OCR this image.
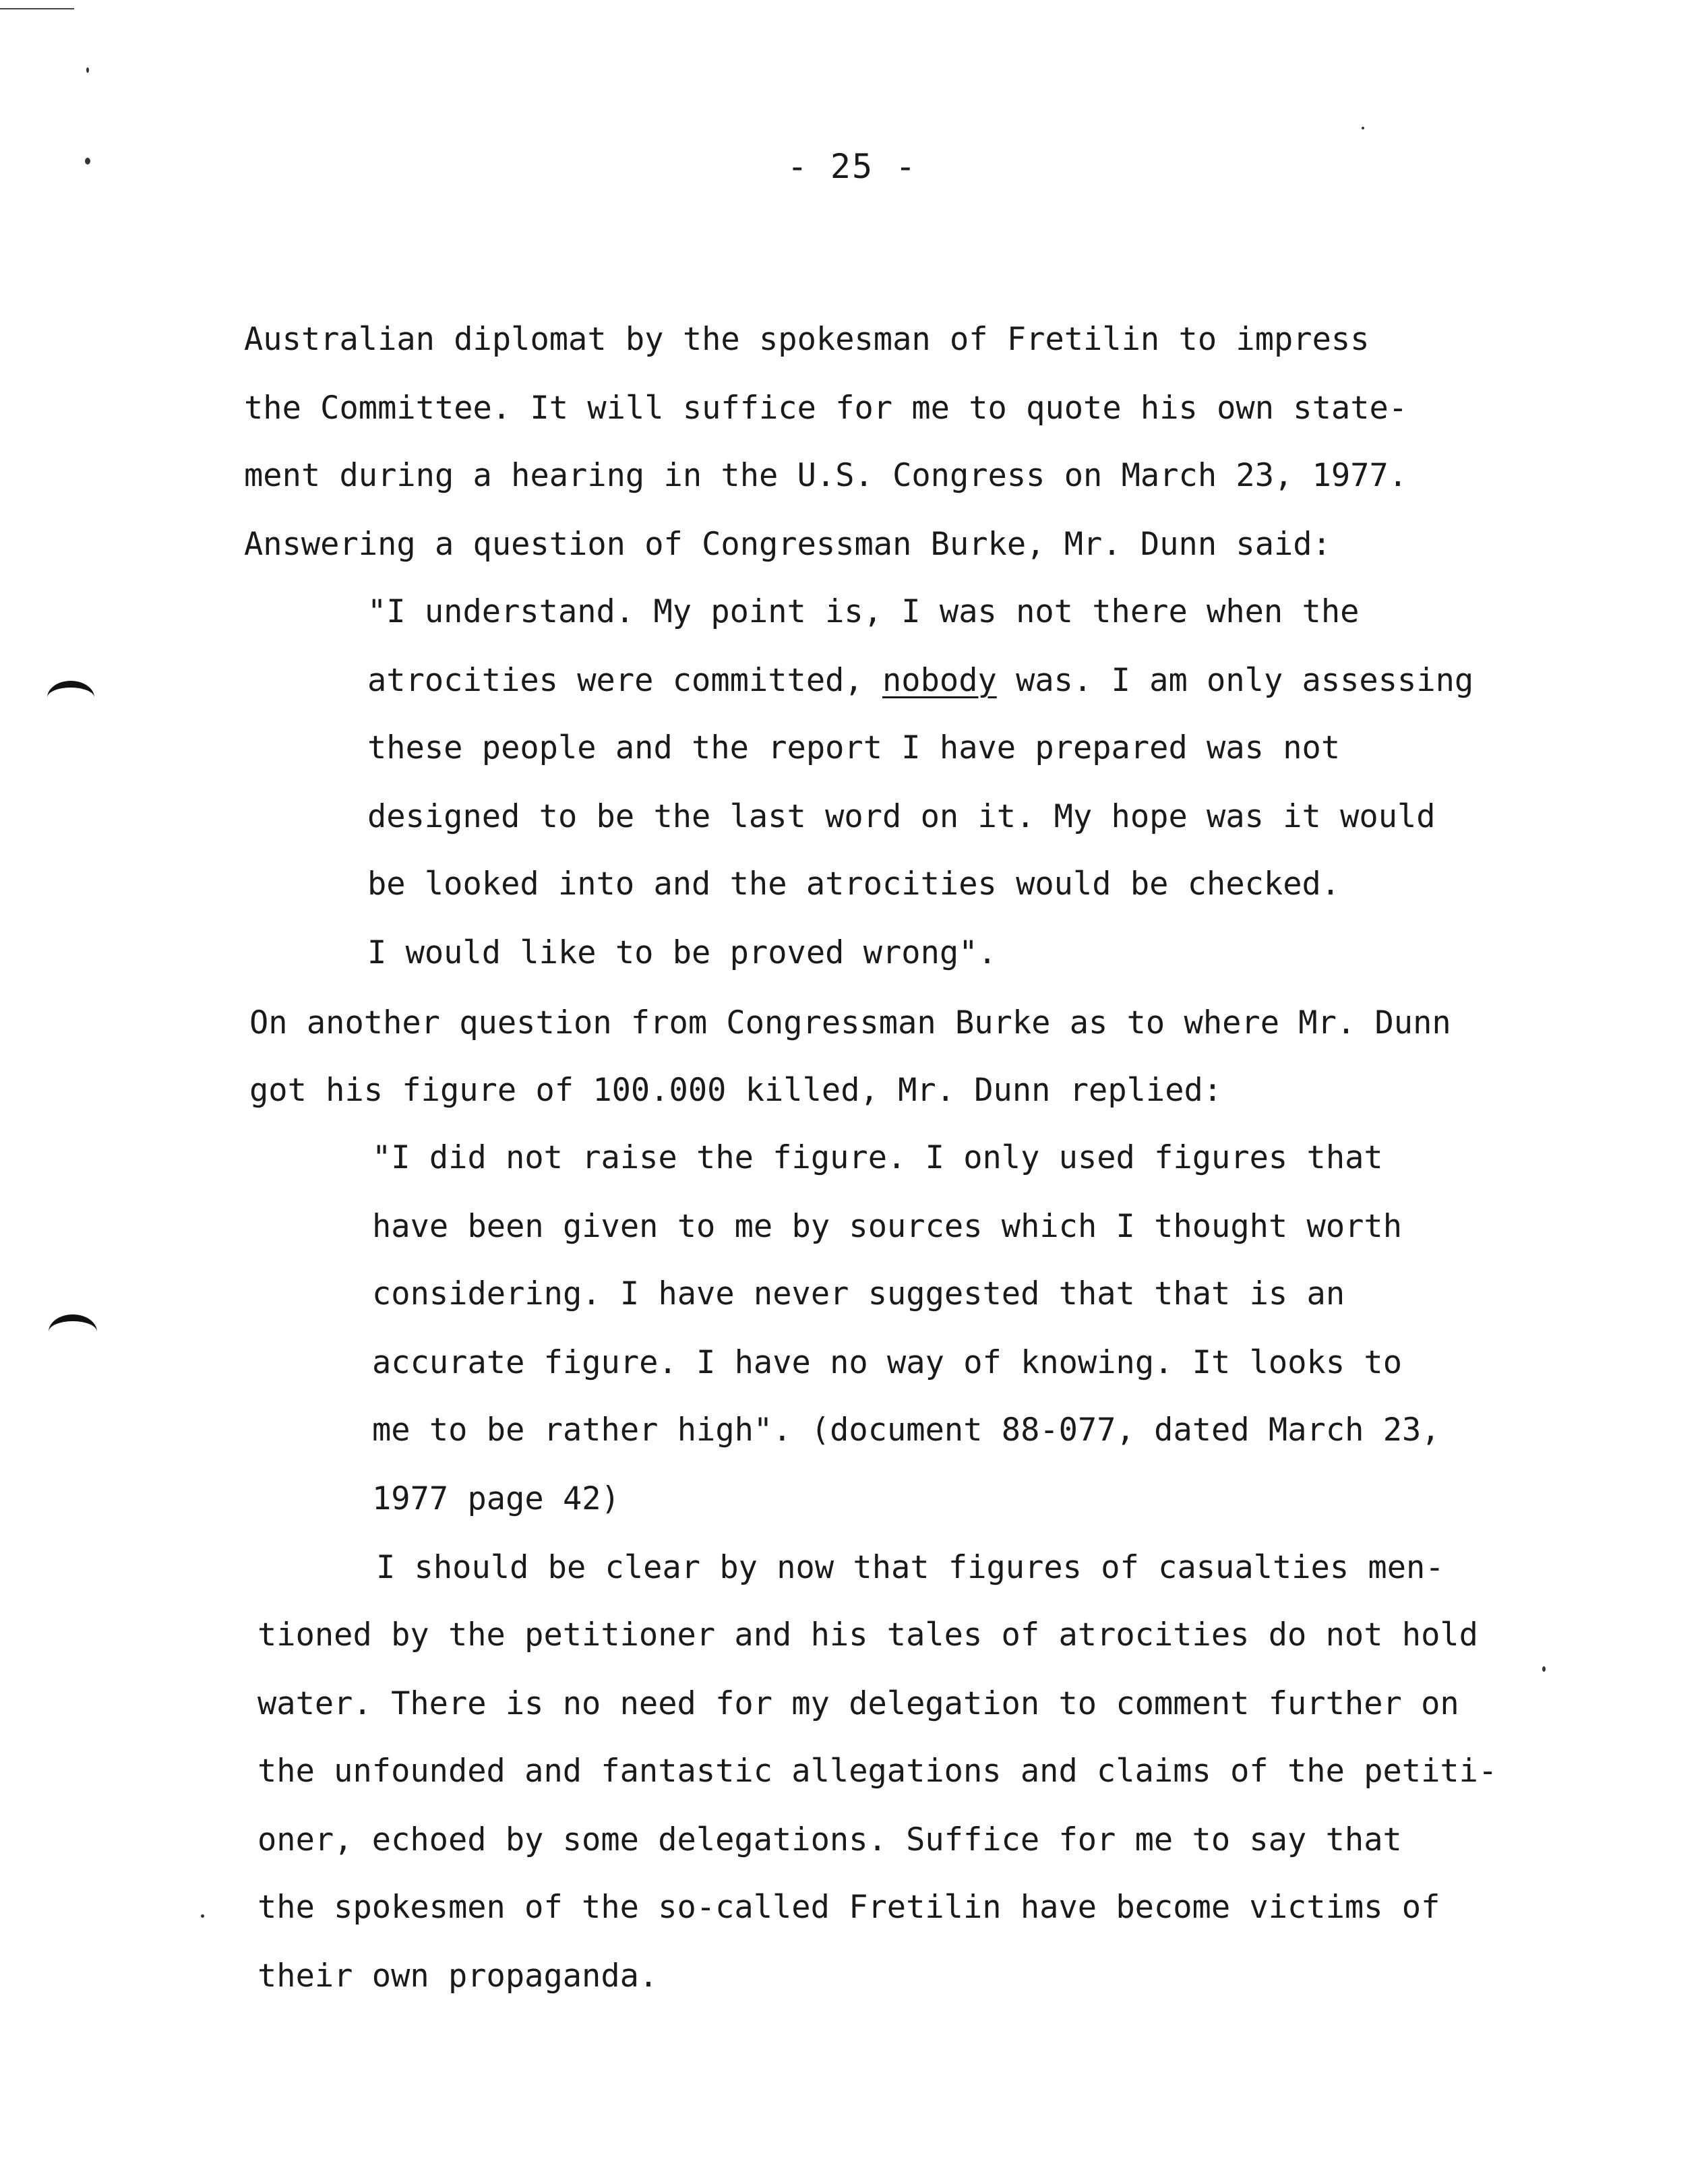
- 25 -
Australian diplomat by the spokesman of Fretilin to impress
the Committee. It will suffice for me to quote his own state-
ment during a hearing in the U.S. Congress on March 23, 1977.
Answering a question of Congressman Burke, Mr. Dunn said:
"I understand. My point is, I was not there when the
atrocities were committed, nobody was. I am only assessing
these people and the report I have prepared was not
designed to be the last word on it. My hope was it would
be looked into and the atrocities would be checked.
I would like to be proved wrong".
On another question from Congressman Burke as to where Mr. Dunn
got his figure of 100.000 killed, Mr. Dunn replied:
"I did not raise the figure. I only used figures that
have been given to me by sources which I thought worth
considering. I have never suggested that that is an
accurate figure. I have no way of knowing. It looks to
me to be rather high". (document 88-077, dated March 23,
1977 page 42)
I should be clear by now that figures of casualties men-
tioned by the petitioner and his tales of atrocities do not hold
water. There is no need for my delegation to comment further on
the unfounded and fantastic allegations and claims of the petiti-
oner, echoed by some delegations. Suffice for me to say that
the spokesmen of the so-called Fretilin have become victims of
their own propaganda.
